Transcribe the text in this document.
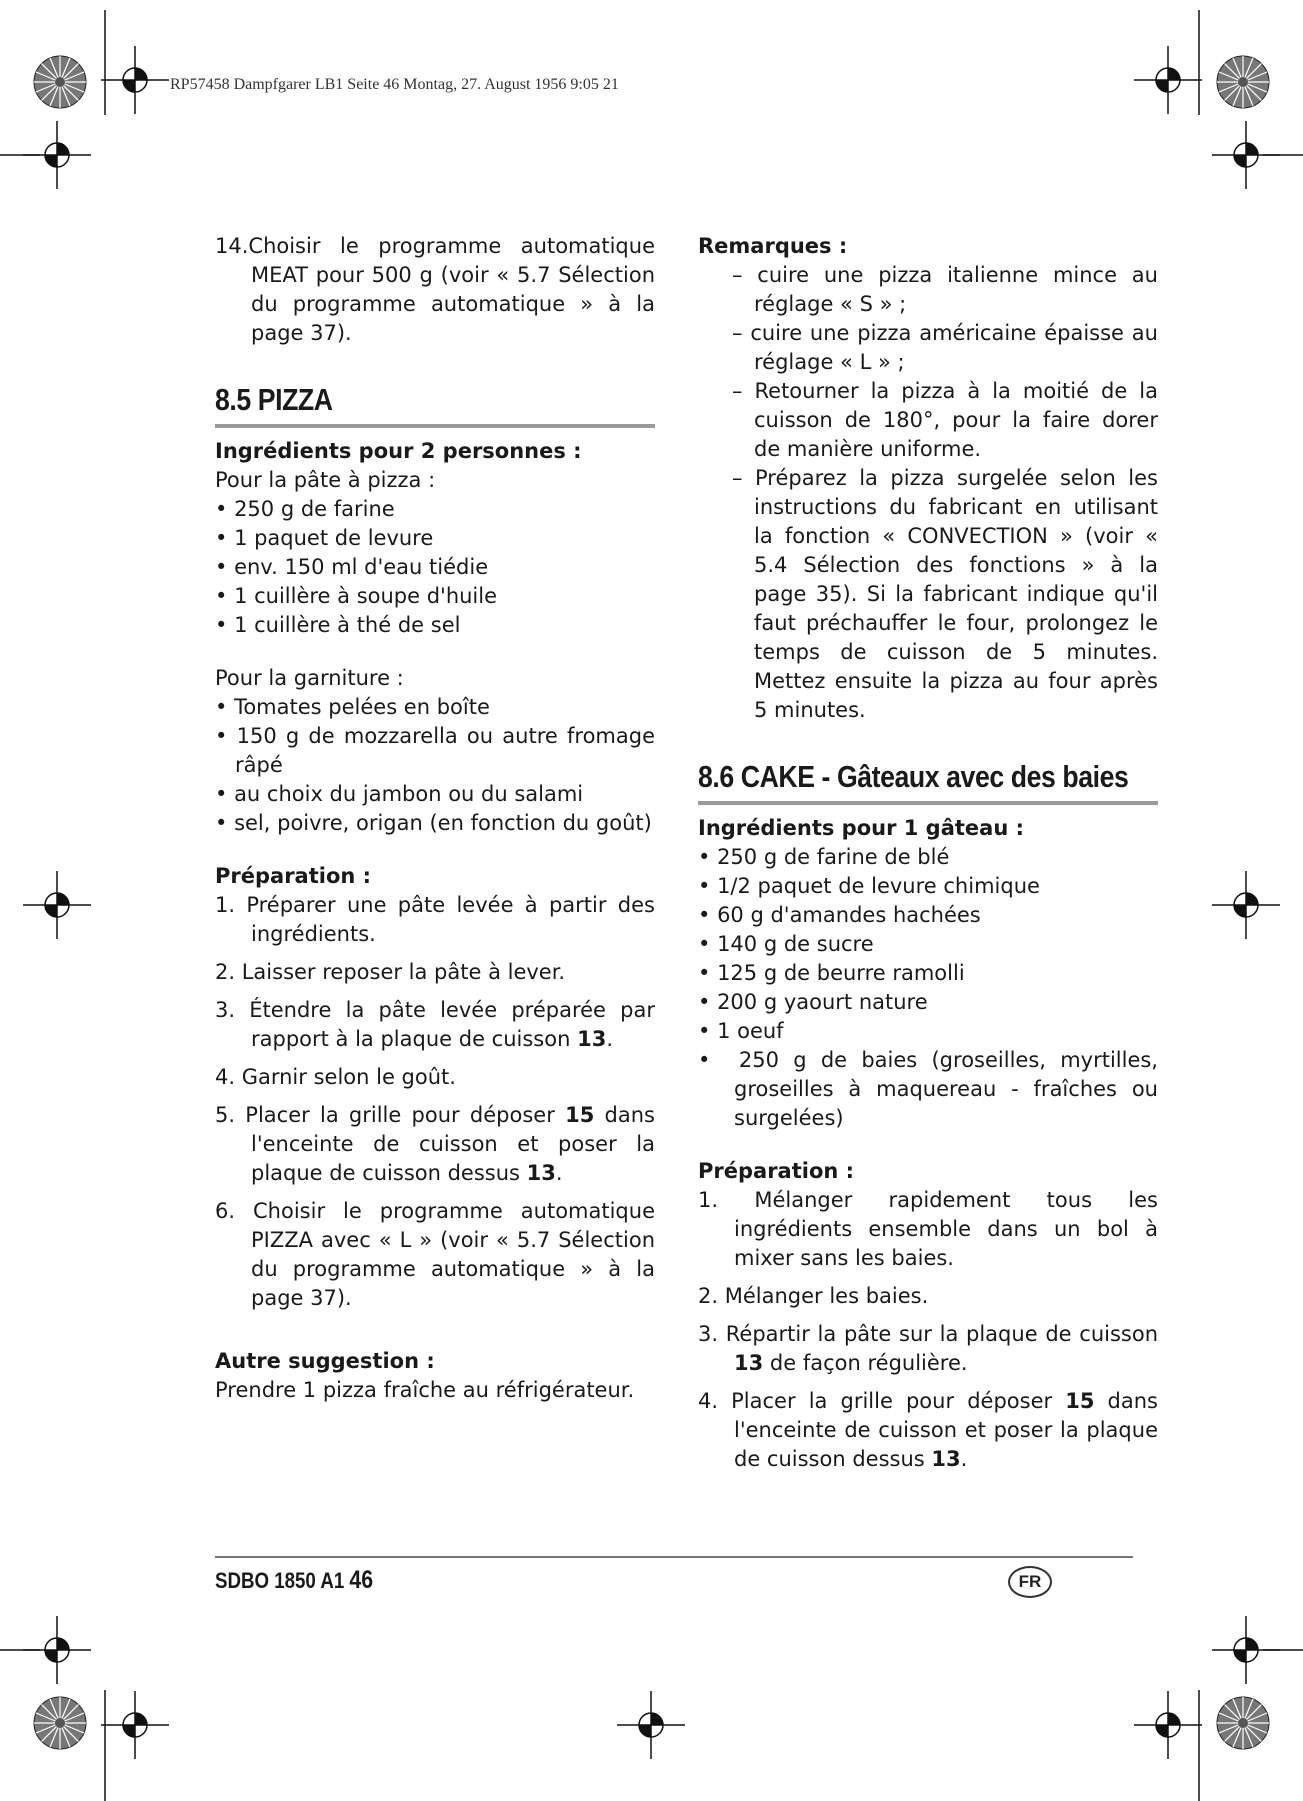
RP57458 Dampfgarer LB1 Seite 46 Montag, 27. August 1956 9:05 21
14.Choisir le programme automatique MEAT pour 500 g (voir « 5.7 Sélection du programme automatique » à la page 37).
8.5 PIZZA

Ingrédients pour 2 personnes :

Pour la pâte à pizza :

• 250 g de farine

• 1 paquet de levure

• env. 150 ml d'eau tiédie

• 1 cuillère à soupe d'huile

• 1 cuillère à thé de sel

Pour la garniture :

• Tomates pelées en boîte

• 150 g de mozzarella ou autre fromage râpé

• au choix du jambon ou du salami

• sel, poivre, origan (en fonction du goût)

Préparation :

1. Préparer une pâte levée à partir des ingrédients.
2. Laisser reposer la pâte à lever.
3. Étendre la pâte levée préparée par rapport à la plaque de cuisson 13.
4. Garnir selon le goût.
5. Placer la grille pour déposer 15 dans l'enceinte de cuisson et poser la plaque de cuisson dessus 13.
6. Choisir le programme automatique PIZZA avec « L » (voir « 5.7 Sélection du programme automatique » à la page 37).

Autre suggestion :

Prendre 1 pizza fraîche au réfrigérateur.

Remarques :

– cuire une pizza italienne mince au réglage « S » ;

– cuire une pizza américaine épaisse au réglage « L » ;

– Retourner la pizza à la moitié de la cuisson de 180°, pour la faire dorer de manière uniforme.

– Préparez la pizza surgelée selon les instructions du fabricant en utilisant la fonction « CONVECTION » (voir « 5.4 Sélection des fonctions » à la page 35). Si la fabricant indique qu'il faut préchauffer le four, prolongez le temps de cuisson de 5 minutes. Mettez ensuite la pizza au four après 5 minutes.

8.6 CAKE - Gâteaux avec des baies

Ingrédients pour 1 gâteau :

• 250 g de farine de blé

• 1/2 paquet de levure chimique

• 60 g d'amandes hachées

• 140 g de sucre

• 125 g de beurre ramolli

• 200 g yaourt nature

• 1 oeuf

•  250 g de baies (groseilles, myrtilles, groseilles à maquereau - fraîches ou surgelées)

Préparation :

1. Mélanger rapidement tous les ingrédients ensemble dans un bol à mixer sans les baies.
2. Mélanger les baies.
3. Répartir la pâte sur la plaque de cuisson 13 de façon régulière.
4. Placer la grille pour déposer 15 dans l'enceinte de cuisson et poser la plaque de cuisson dessus 13.
SDBO 1850 A1 46	FR
